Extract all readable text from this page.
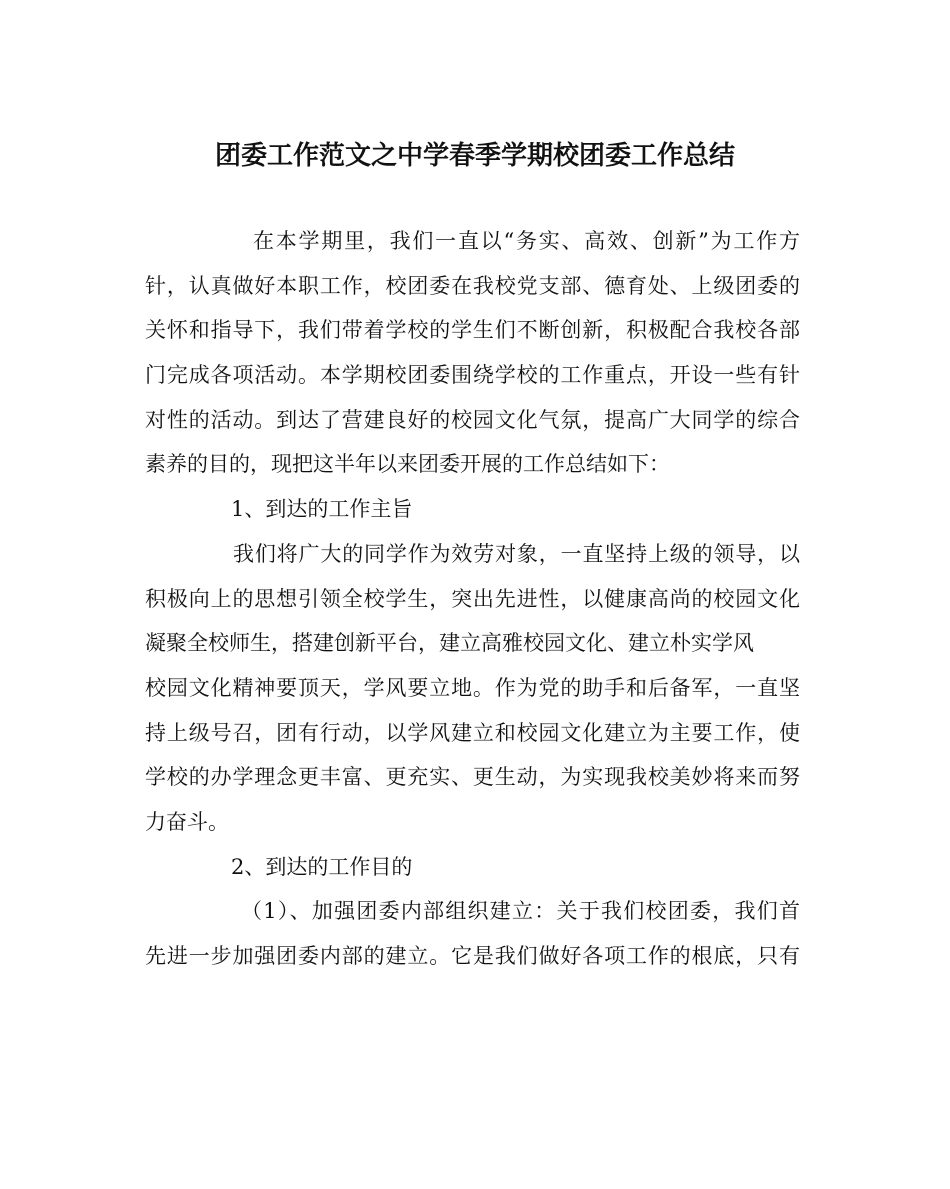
团委工作范文之中学春季学期校团委工作总结
在本学期里，我们一直以“务实、高效、创新”为工作方
针，认真做好本职工作，校团委在我校党支部、德育处、上级团委的
关怀和指导下，我们带着学校的学生们不断创新，积极配合我校各部
门完成各项活动。本学期校团委围绕学校的工作重点，开设一些有针
对性的活动。到达了营建良好的校园文化气氛，提高广大同学的综合
素养的目的，现把这半年以来团委开展的工作总结如下：
1、到达的工作主旨
我们将广大的同学作为效劳对象，一直坚持上级的领导，以
积极向上的思想引领全校学生，突出先进性，以健康高尚的校园文化
凝聚全校师生，搭建创新平台，建立高雅校园文化、建立朴实学风
校园文化精神要顶天，学风要立地。作为党的助手和后备军，一直坚
持上级号召，团有行动，以学风建立和校园文化建立为主要工作，使
学校的办学理念更丰富、更充实、更生动，为实现我校美妙将来而努
力奋斗。
2、到达的工作目的
（1）、加强团委内部组织建立：关于我们校团委，我们首
先进一步加强团委内部的建立。它是我们做好各项工作的根底，只有
